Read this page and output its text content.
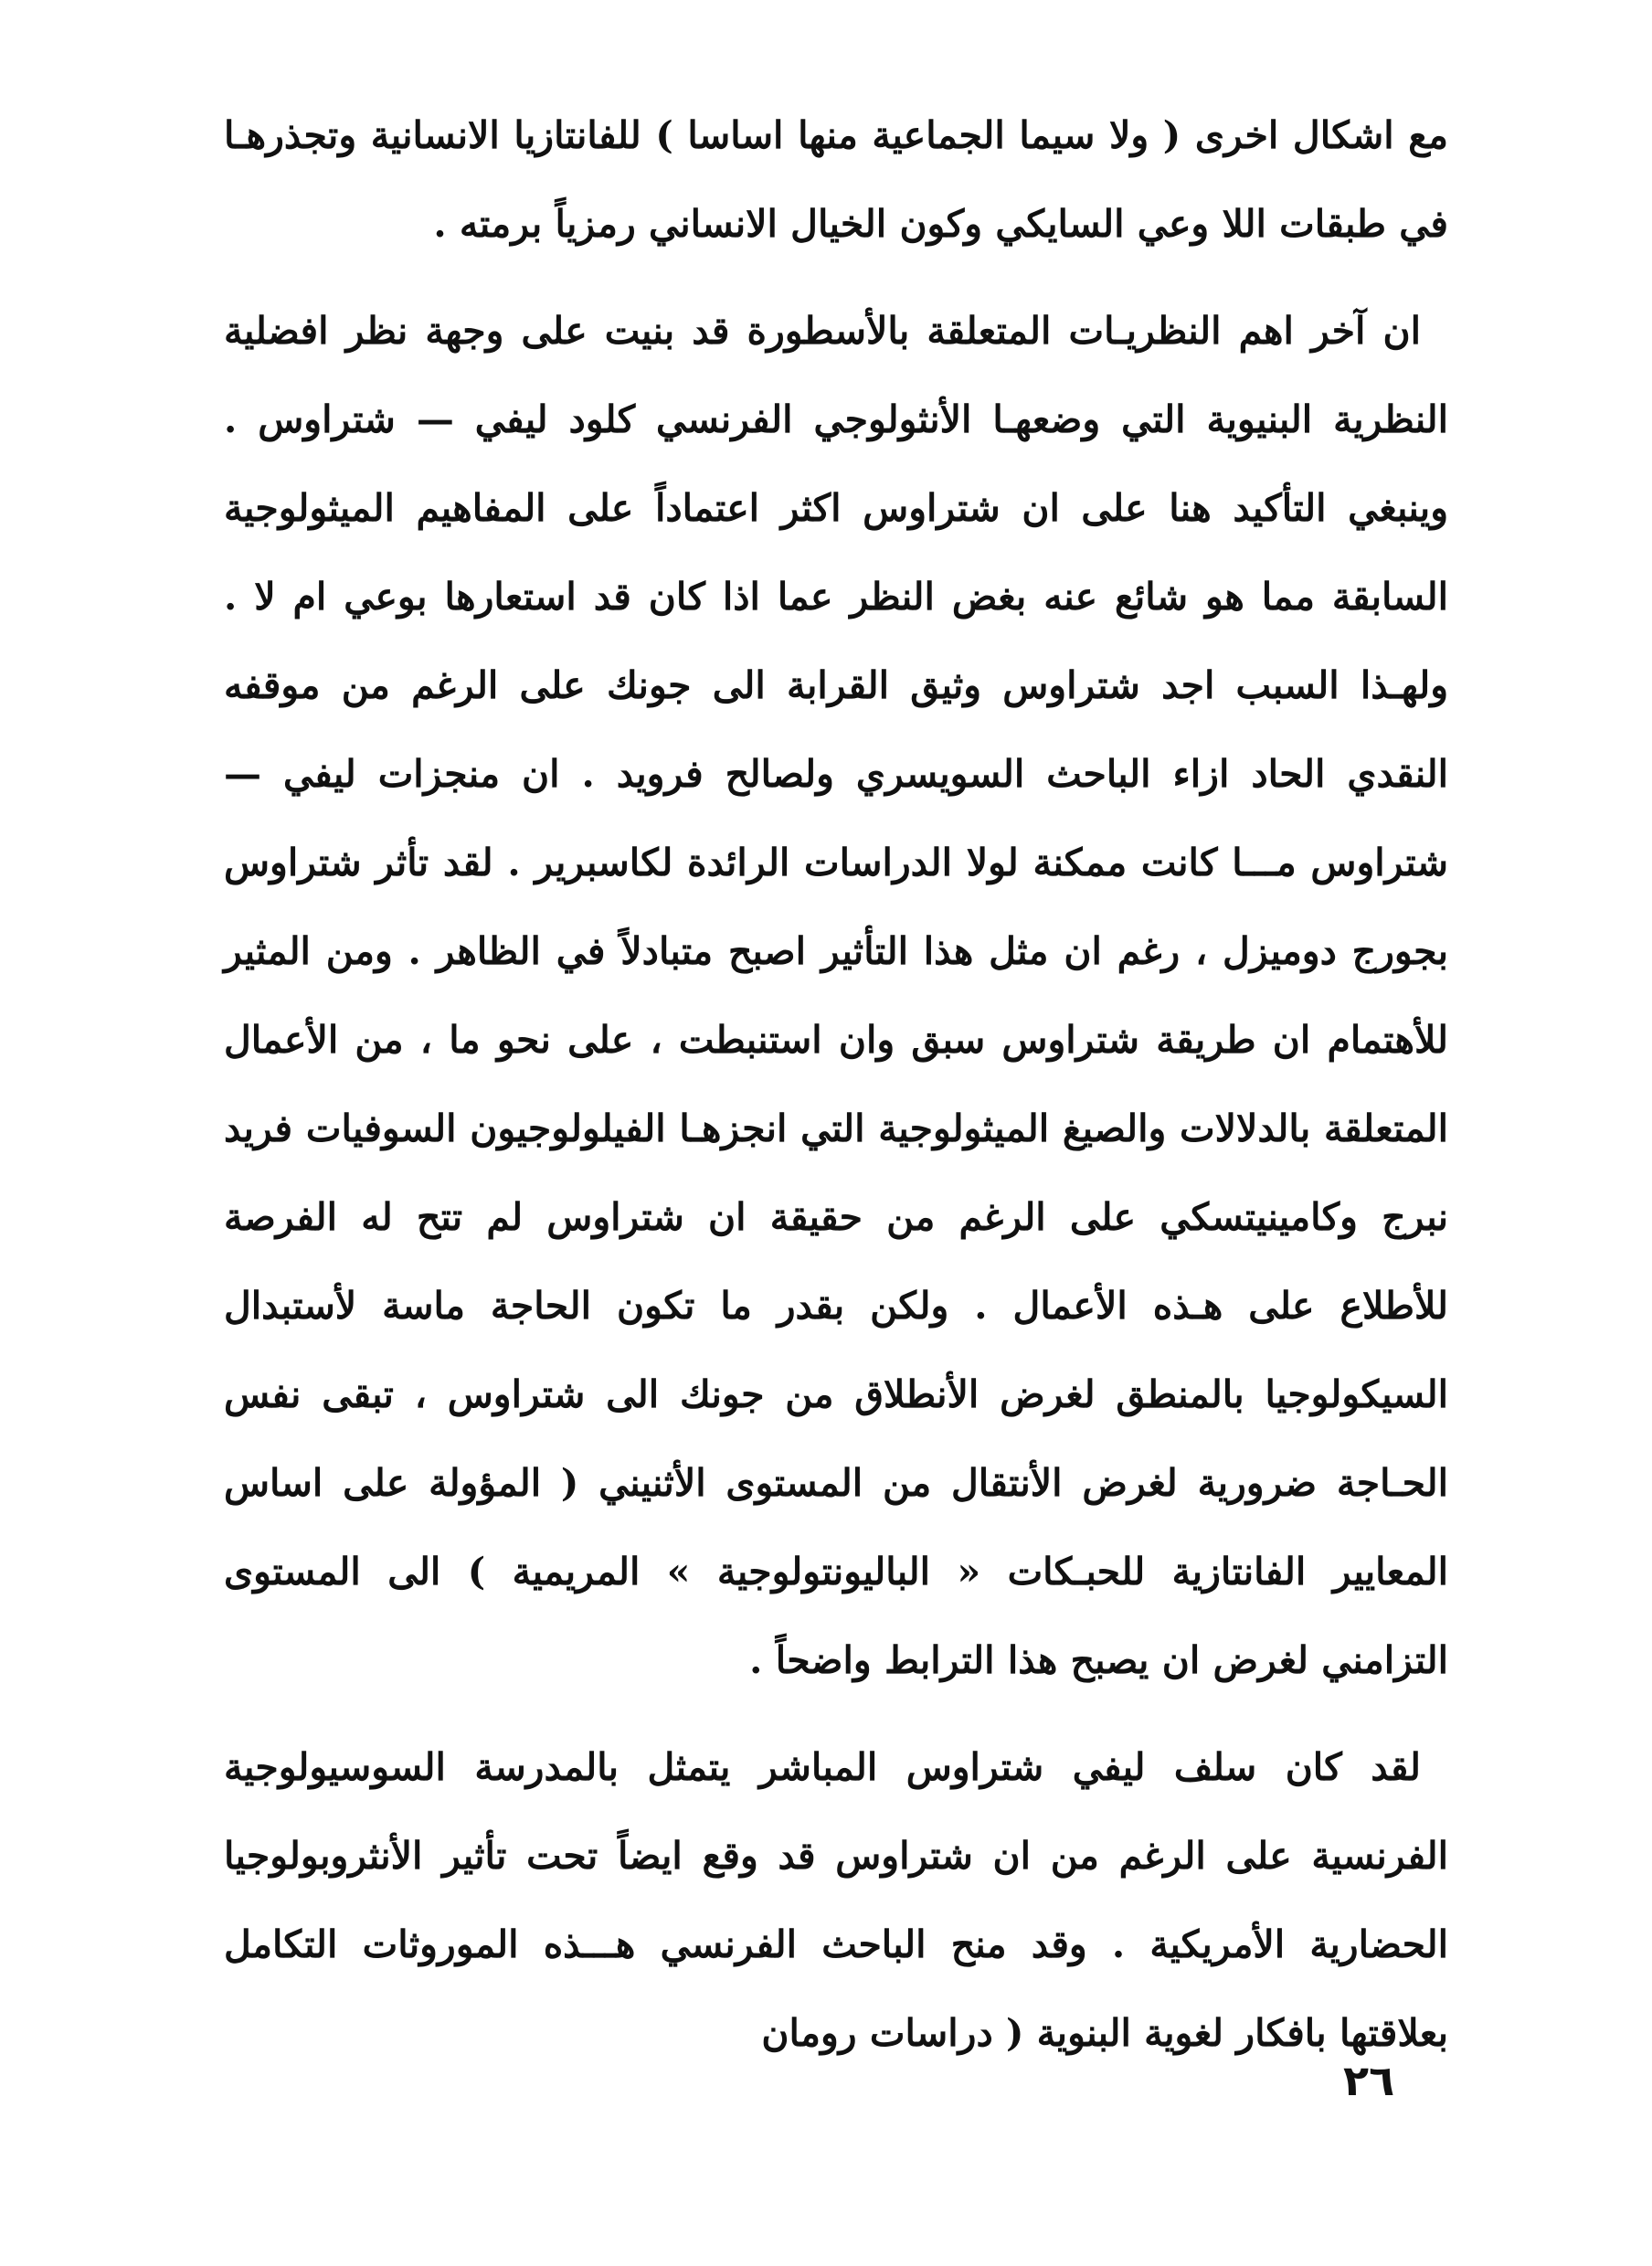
مع اشكال اخرى ( ولا سيما الجماعية منها اساسا ) للفانتازيا الانسانية وتجذرهـا في طبقات اللا وعي السايكي وكون الخيال الانساني رمزياً برمته .

ان آخر اهم النظريـات المتعلقة بالأسطورة قد بنيت على وجهة نظر افضلية النظرية البنيوية التي وضعهـا الأنثولوجي الفرنسي كلود ليفي — شتراوس . وينبغي التأكيد هنا على ان شتراوس اكثر اعتماداً على المفاهيم الميثولوجية السابقة مما هو شائع عنه بغض النظر عما اذا كان قد استعارها بوعي ام لا . ولهـذا السبب اجد شتراوس وثيق القرابة الى جونك على الرغم من موقفه النقدي الحاد ازاء الباحث السويسري ولصالح فرويد . ان منجزات ليفي — شتراوس مـــا كانت ممكنة لولا الدراسات الرائدة لكاسبرير . لقد تأثر شتراوس بجورج دوميزل ، رغم ان مثل هذا التأثير اصبح متبادلاً في الظاهر . ومن المثير للأهتمام ان طريقة شتراوس سبق وان استنبطت ، على نحو ما ، من الأعمال المتعلقة بالدلالات والصيغ الميثولوجية التي انجزهـا الفيلولوجيون السوفيات فريد نبرج وكامينيتسكي على الرغم من حقيقة ان شتراوس لم تتح له الفرصة للأطلاع على هـذه الأعمال . ولكن بقدر ما تكون الحاجة ماسة لأستبدال السيكولوجيا بالمنطق لغرض الأنطلاق من جونك الى شتراوس ، تبقى نفس الحـاجة ضرورية لغرض الأنتقال من المستوى الأثنيني ( المؤولة على اساس المعايير الفانتازية للحبـكات « الباليونتولوجية » المريمية ) الى المستوى التزامني لغرض ان يصبح هذا الترابط واضحاً .

لقد كان سلف ليفي شتراوس المباشر يتمثل بالمدرسة السوسيولوجية الفرنسية على الرغم من ان شتراوس قد وقع ايضاً تحت تأثير الأنثروبولوجيا الحضارية الأمريكية . وقد منح الباحث الفرنسي هـــذه الموروثات التكامل بعلاقتها بافكار لغوية البنوية ( دراسات رومان

٢٦
